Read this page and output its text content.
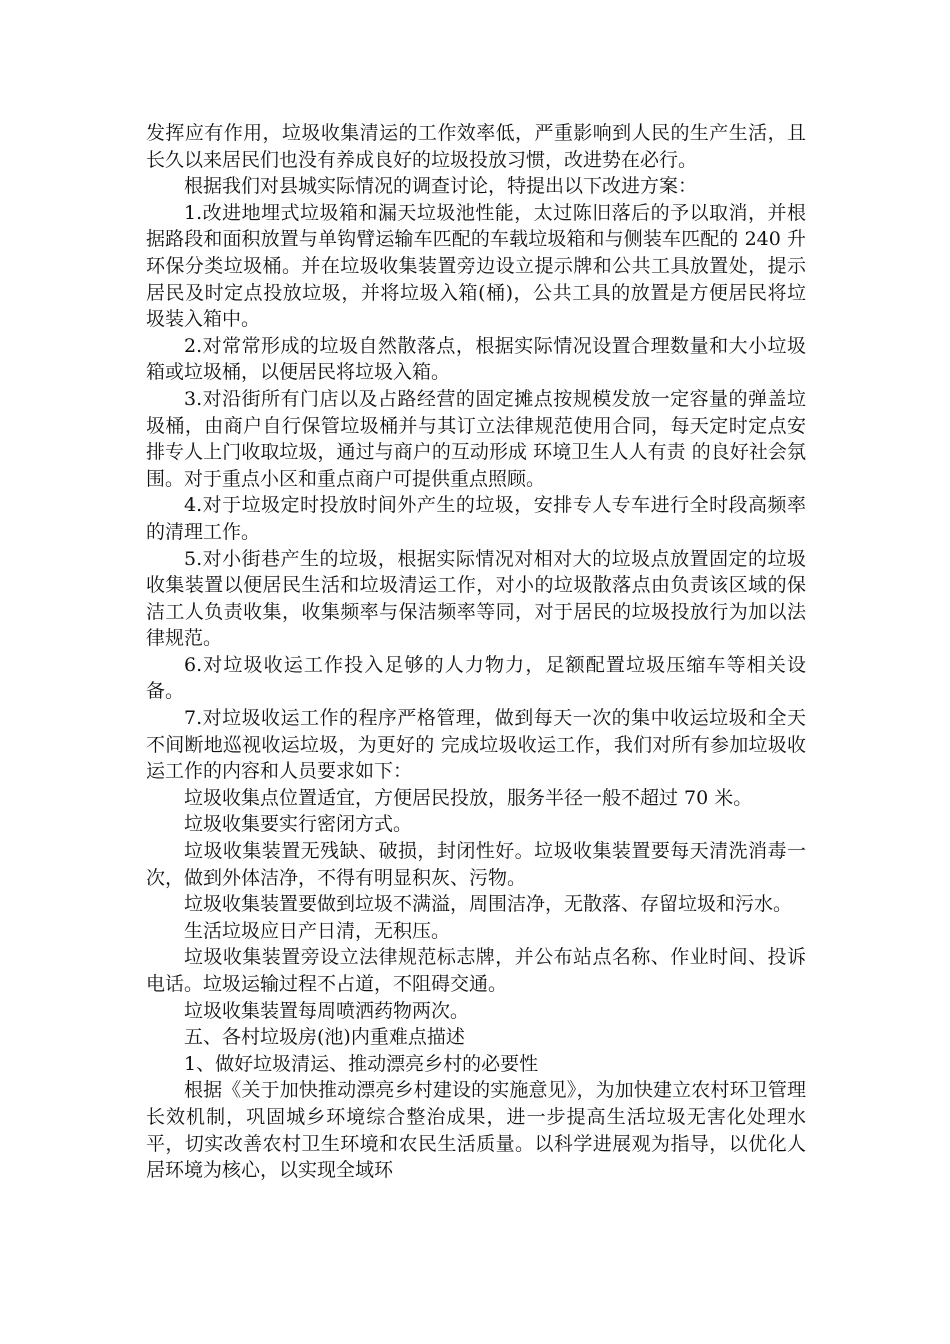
发挥应有作用，垃圾收集清运的工作效率低，严重影响到人民的生产生活，且长久以来居民们也没有养成良好的垃圾投放习惯，改进势在必行。

根据我们对县城实际情况的调查讨论，特提出以下改进方案：

1.改进地埋式垃圾箱和漏天垃圾池性能，太过陈旧落后的予以取消，并根据路段和面积放置与单钩臂运输车匹配的车载垃圾箱和与侧装车匹配的 240 升环保分类垃圾桶。并在垃圾收集装置旁边设立提示牌和公共工具放置处，提示居民及时定点投放垃圾，并将垃圾入箱(桶)，公共工具的放置是方便居民将垃圾装入箱中。

2.对常常形成的垃圾自然散落点，根据实际情况设置合理数量和大小垃圾箱或垃圾桶，以便居民将垃圾入箱。

3.对沿街所有门店以及占路经营的固定摊点按规模发放一定容量的弹盖垃圾桶，由商户自行保管垃圾桶并与其订立法律规范使用合同，每天定时定点安排专人上门收取垃圾，通过与商户的互动形成 环境卫生人人有责 的良好社会氛围。对于重点小区和重点商户可提供重点照顾。

4.对于垃圾定时投放时间外产生的垃圾，安排专人专车进行全时段高频率的清理工作。

5.对小街巷产生的垃圾，根据实际情况对相对大的垃圾点放置固定的垃圾收集装置以便居民生活和垃圾清运工作，对小的垃圾散落点由负责该区域的保洁工人负责收集，收集频率与保洁频率等同，对于居民的垃圾投放行为加以法律规范。

6.对垃圾收运工作投入足够的人力物力，足额配置垃圾压缩车等相关设备。

7.对垃圾收运工作的程序严格管理，做到每天一次的集中收运垃圾和全天不间断地巡视收运垃圾，为更好的 完成垃圾收运工作，我们对所有参加垃圾收运工作的内容和人员要求如下：

垃圾收集点位置适宜，方便居民投放，服务半径一般不超过 70 米。

垃圾收集要实行密闭方式。

垃圾收集装置无残缺、破损，封闭性好。垃圾收集装置要每天清洗消毒一次，做到外体洁净，不得有明显积灰、污物。

垃圾收集装置要做到垃圾不满溢，周围洁净，无散落、存留垃圾和污水。

生活垃圾应日产日清，无积压。

垃圾收集装置旁设立法律规范标志牌，并公布站点名称、作业时间、投诉电话。垃圾运输过程不占道，不阻碍交通。

垃圾收集装置每周喷洒药物两次。

五、各村垃圾房(池)内重难点描述

1、做好垃圾清运、推动漂亮乡村的必要性

根据《关于加快推动漂亮乡村建设的实施意见》，为加快建立农村环卫管理长效机制，巩固城乡环境综合整治成果，进一步提高生活垃圾无害化处理水平，切实改善农村卫生环境和农民生活质量。以科学进展观为指导，以优化人居环境为核心，以实现全域环
